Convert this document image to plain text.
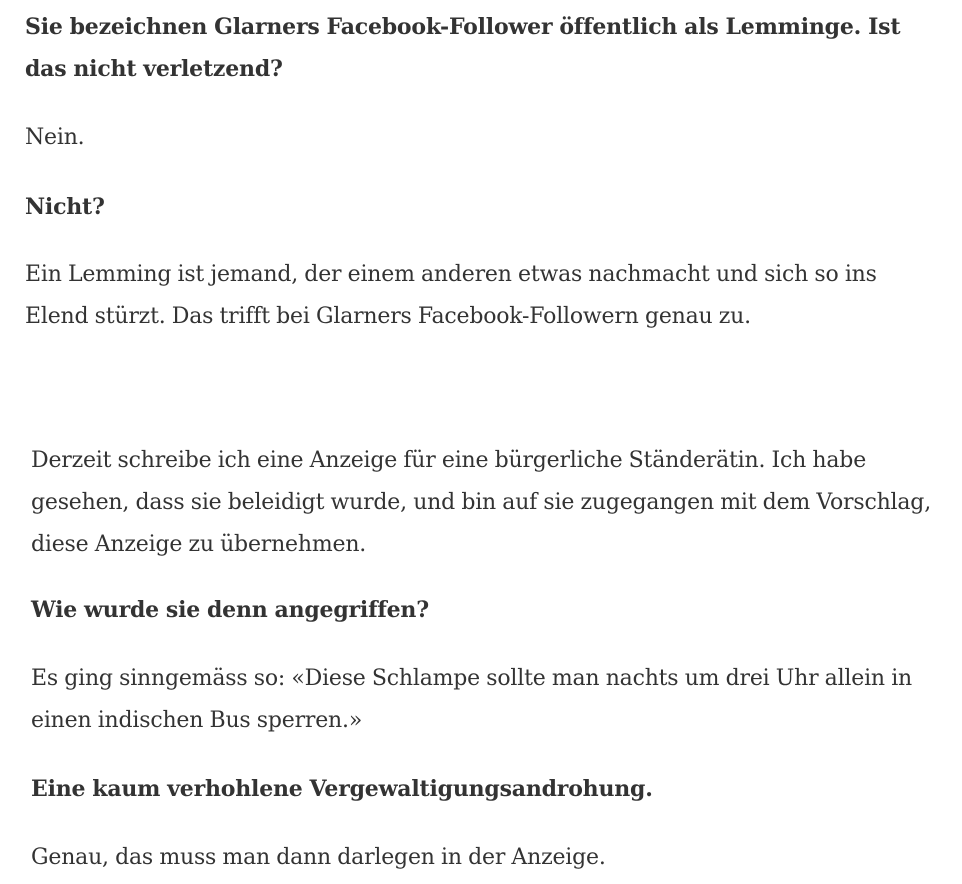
Sie bezeichnen Glarners Facebook-Follower öffentlich als Lemminge. Ist das nicht verletzend?

Nein.

Nicht?

Ein Lemming ist jemand, der einem anderen etwas nachmacht und sich so ins Elend stürzt. Das trifft bei Glarners Facebook-Followern genau zu.

Derzeit schreibe ich eine Anzeige für eine bürgerliche Ständerätin. Ich habe gesehen, dass sie beleidigt wurde, und bin auf sie zugegangen mit dem Vorschlag, diese Anzeige zu übernehmen.

Wie wurde sie denn angegriffen?

Es ging sinngemäss so: «Diese Schlampe sollte man nachts um drei Uhr allein in einen indischen Bus sperren.»

Eine kaum verhohlene Vergewaltigungsandrohung.

Genau, das muss man dann darlegen in der Anzeige.
